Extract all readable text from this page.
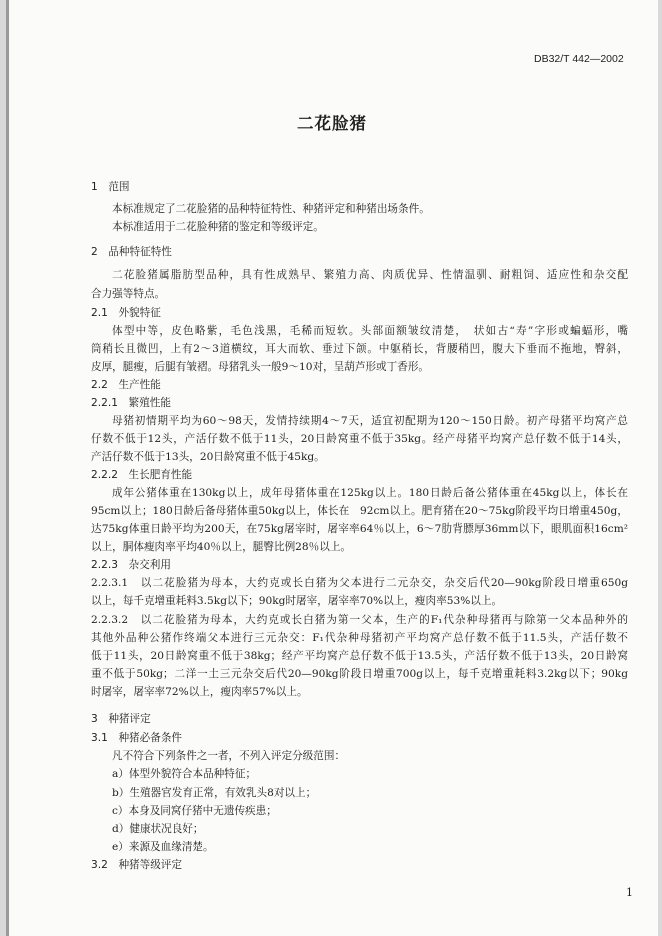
DB32/T 442—2002
二花脸猪
1　范围
本标准规定了二花脸猪的品种特征特性、种猪评定和种猪出场条件。
本标准适用于二花脸种猪的鉴定和等级评定。
2　品种特征特性
二花脸猪属脂肪型品种，具有性成熟早、繁殖力高、肉质优异、性情温驯、耐粗饲、适应性和杂交配
合力强等特点。
2.1　外貌特征
体型中等，皮色略紫，毛色浅黑，毛稀而短软。头部面额皱纹清楚，　状如古“寿”字形或蝙蝠形，嘴
筒稍长且微凹，上有2～3道横纹，耳大而软、垂过下颌。中躯稍长，背腰稍凹，腹大下垂而不拖地，臀斜，
皮厚，腿瘦，后腿有皱褶。母猪乳头一般9～10对，呈葫芦形或丁香形。
2.2　生产性能
2.2.1　繁殖性能
母猪初情期平均为60～98天，发情持续期4～7天，适宜初配期为120～150日龄。初产母猪平均窝产总
仔数不低于12头，产活仔数不低于11头，20日龄窝重不低于35kg。经产母猪平均窝产总仔数不低于14头，
产活仔数不低于13头，20日龄窝重不低于45kg。
2.2.2　生长肥育性能
成年公猪体重在130kg以上，成年母猪体重在125kg以上。180日龄后备公猪体重在45kg以上，体长在
95cm以上；180日龄后备母猪体重50kg以上，体长在　92cm以上。肥育猪在20～75kg阶段平均日增重450g，
达75kg体重日龄平均为200天，在75kg屠宰时，屠宰率64％以上，6～7肋背膘厚36mm以下，眼肌面积16cm²
以上，胴体瘦肉率平均40％以上，腿臀比例28％以上。
2.2.3　杂交利用
2.2.3.1　以二花脸猪为母本，大约克或长白猪为父本进行二元杂交，杂交后代20—90kg阶段日增重650g
以上，每千克增重耗料3.5kg以下；90kg时屠宰，屠宰率70%以上，瘦肉率53%以上。
2.2.3.2　以二花脸猪为母本，大约克或长白猪为第一父本，生产的F₁代杂种母猪再与除第一父本品种外的
其他外品种公猪作终端父本进行三元杂交：F₁代杂种母猪初产平均窝产总仔数不低于11.5头，产活仔数不
低于11头，20日龄窝重不低于38kg；经产平均窝产总仔数不低于13.5头，产活仔数不低于13头，20日龄窝
重不低于50kg；二洋一土三元杂交后代20—90kg阶段日增重700g以上，每千克增重耗料3.2kg以下；90kg
时屠宰，屠宰率72%以上，瘦肉率57%以上。
3　种猪评定
3.1　种猪必备条件
凡不符合下列条件之一者，不列入评定分级范围：
a）体型外貌符合本品种特征；
b）生殖器官发育正常，有效乳头8对以上；
c）本身及同窝仔猪中无遗传疾患；
d）健康状况良好；
e）来源及血缘清楚。
3.2　种猪等级评定
1
